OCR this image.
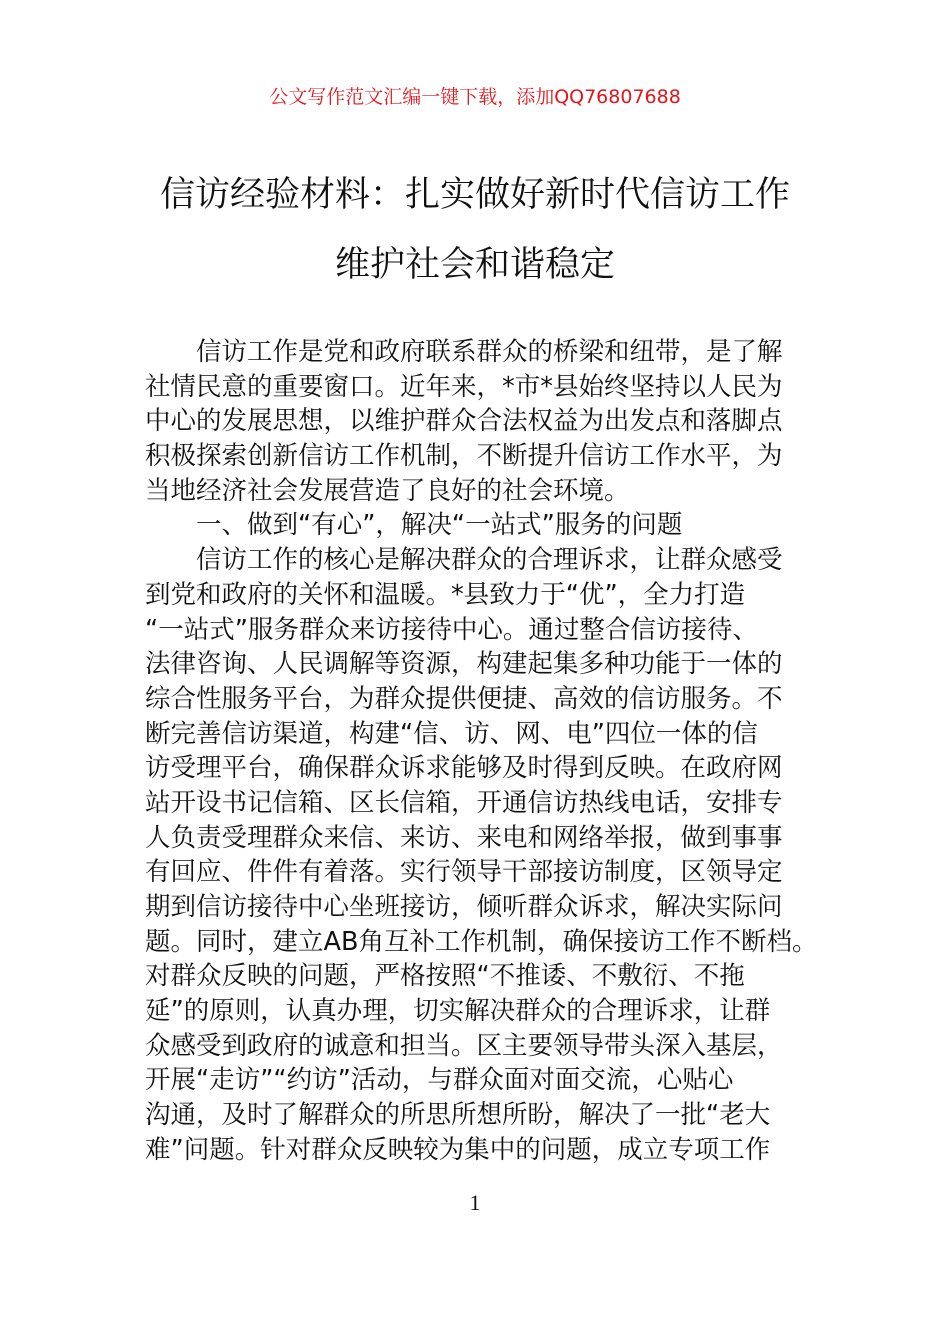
公文写作范文汇编一键下载，添加QQ76807688
信访经验材料：扎实做好新时代信访工作
维护社会和谐稳定
信访工作是党和政府联系群众的桥梁和纽带，是了解
社情民意的重要窗口。近年来，*市*县始终坚持以人民为
中心的发展思想，以维护群众合法权益为出发点和落脚点
积极探索创新信访工作机制，不断提升信访工作水平，为
当地经济社会发展营造了良好的社会环境。
一、做到“有心”，解决“一站式”服务的问题
信访工作的核心是解决群众的合理诉求，让群众感受
到党和政府的关怀和温暖。*县致力于“优”，全力打造
“一站式”服务群众来访接待中心。通过整合信访接待、
法律咨询、人民调解等资源，构建起集多种功能于一体的
综合性服务平台，为群众提供便捷、高效的信访服务。不
断完善信访渠道，构建“信、访、网、电”四位一体的信
访受理平台，确保群众诉求能够及时得到反映。在政府网
站开设书记信箱、区长信箱，开通信访热线电话，安排专
人负责受理群众来信、来访、来电和网络举报，做到事事
有回应、件件有着落。实行领导干部接访制度，区领导定
期到信访接待中心坐班接访，倾听群众诉求，解决实际问
题。同时，建立AB角互补工作机制，确保接访工作不断档。
对群众反映的问题，严格按照“不推诿、不敷衍、不拖
延”的原则，认真办理，切实解决群众的合理诉求，让群
众感受到政府的诚意和担当。区主要领导带头深入基层，
开展“走访”“约访”活动，与群众面对面交流，心贴心
沟通，及时了解群众的所思所想所盼，解决了一批“老大
难”问题。针对群众反映较为集中的问题，成立专项工作
1
